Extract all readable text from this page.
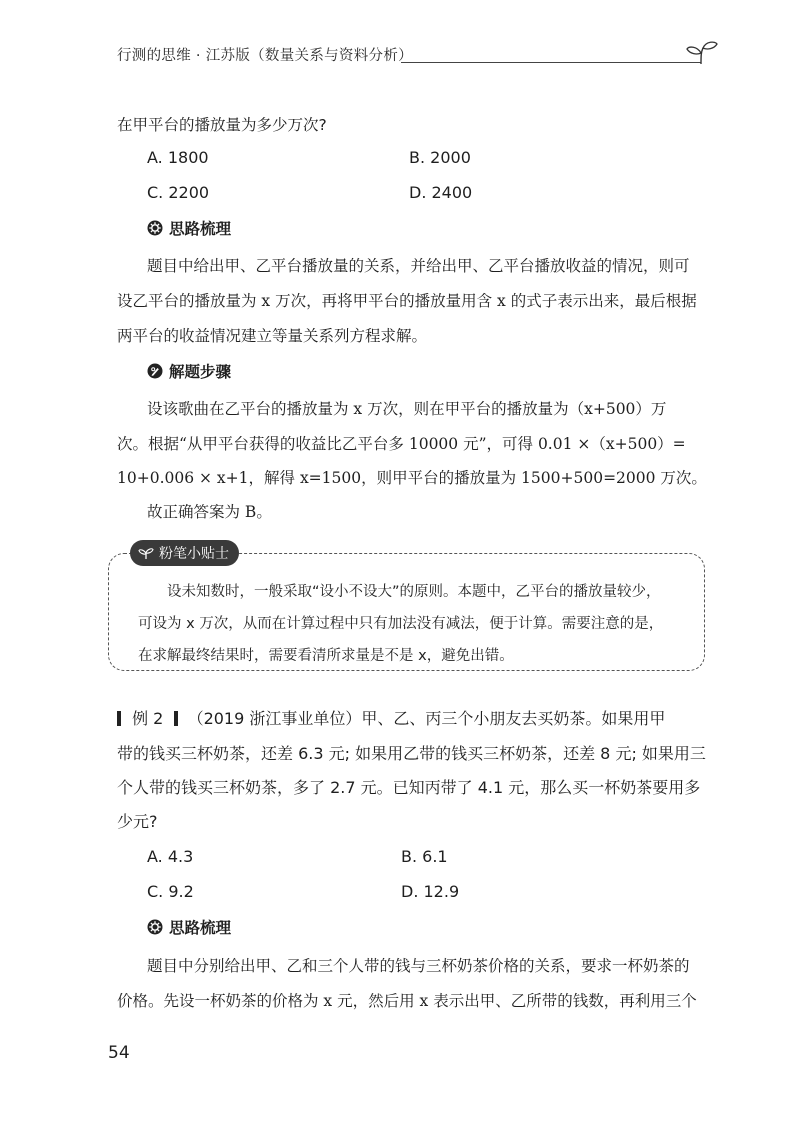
行测的思维 · 江苏版（数量关系与资料分析）
在甲平台的播放量为多少万次?
A. 1800	B. 2000
C. 2200	D. 2400
思路梳理
题目中给出甲、乙平台播放量的关系，并给出甲、乙平台播放收益的情况，则可
设乙平台的播放量为 x 万次，再将甲平台的播放量用含 x 的式子表示出来，最后根据
两平台的收益情况建立等量关系列方程求解。
解题步骤
设该歌曲在乙平台的播放量为 x 万次，则在甲平台的播放量为（x+500）万
次。根据“从甲平台获得的收益比乙平台多 10000 元”，可得 0.01 ×（x+500）=
10+0.006 × x+1，解得 x=1500，则甲平台的播放量为 1500+500=2000 万次。
故正确答案为 B。
粉笔小贴士
设未知数时，一般采取“设小不设大”的原则。本题中，乙平台的播放量较少，
可设为 x 万次，从而在计算过程中只有加法没有减法，便于计算。需要注意的是，
在求解最终结果时，需要看清所求量是不是 x，避免出错。
例 2 （2019 浙江事业单位）甲、乙、丙三个小朋友去买奶茶。如果用甲
带的钱买三杯奶茶，还差 6.3 元; 如果用乙带的钱买三杯奶茶，还差 8 元; 如果用三
个人带的钱买三杯奶茶，多了 2.7 元。已知丙带了 4.1 元，那么买一杯奶茶要用多
少元?
A. 4.3	B. 6.1
C. 9.2	D. 12.9
思路梳理
题目中分别给出甲、乙和三个人带的钱与三杯奶茶价格的关系，要求一杯奶茶的
价格。先设一杯奶茶的价格为 x 元，然后用 x 表示出甲、乙所带的钱数，再利用三个
54
